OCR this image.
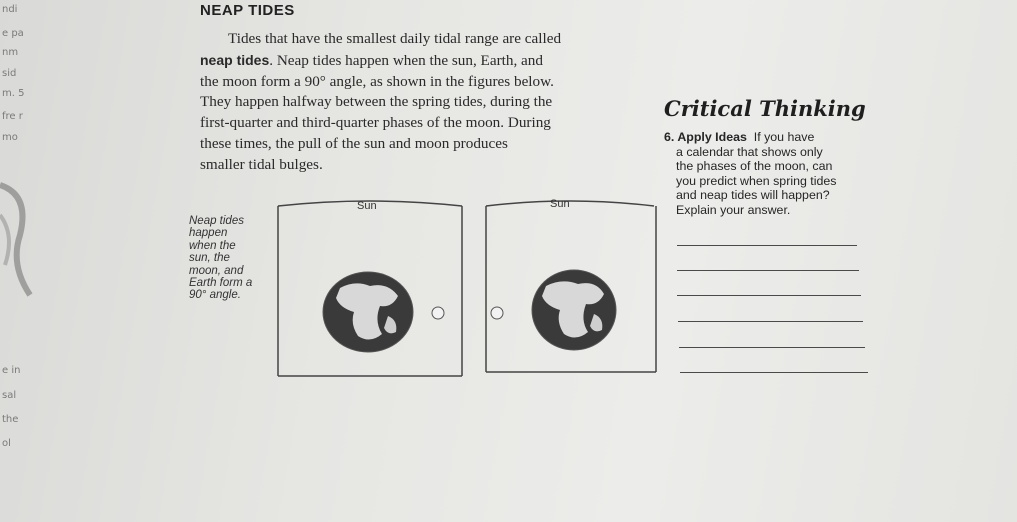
ndi
e pa
nm
sid
m. 5
fre r
mo
e in
sal
the
ol
NEAP TIDES
Tides that have the smallest daily tidal range are called
neap tides. Neap tides happen when the sun, Earth, and
the moon form a 90° angle, as shown in the figures below.
They happen halfway between the spring tides, during the
first-quarter and third-quarter phases of the moon. During
these times, the pull of the sun and moon produces
smaller tidal bulges.
Critical Thinking
6. Apply Ideas If you have
a calendar that shows only
the phases of the moon, can
you predict when spring tides
and neap tides will happen?
Explain your answer.
Neap tides
happen
when the
sun, the
moon, and
Earth form a
90° angle.
Sun	Sun
